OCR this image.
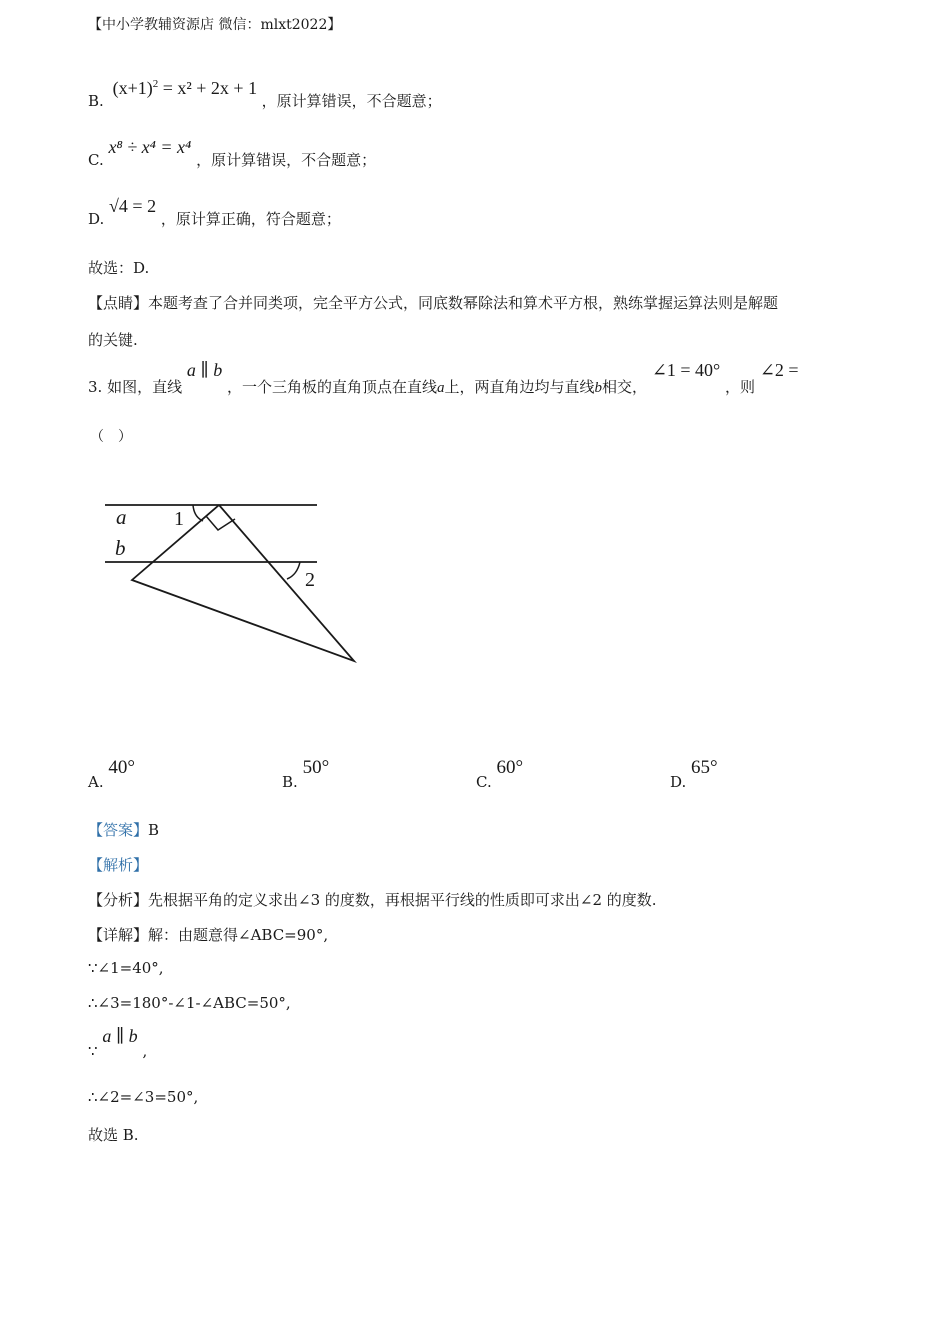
【中小学教辅资源店 微信：mlxt2022】
B. $(x+1)^2 = x^2 + 2x + 1$ ，原计算错误，不合题意；
C. x⁸ ÷ x⁴ = x⁴ ，原计算错误，不合题意；
D. √4 = 2 ，原计算正确，符合题意；
故选：D.
【点睛】本题考查了合并同类项，完全平方公式，同底数幂除法和算术平方根，熟练掌握运算法则是解题
的关键.
3. 如图，直线 a ∥ b ，一个三角板的直角顶点在直线a上，两直角边均与直线b相交， ∠1 = 40° ，则 ∠2 =
（　）
a
b
1
2
A. 40°
B. 50°
C. 60°
D. 65°
【答案】B
【解析】
【分析】先根据平角的定义求出∠3 的度数，再根据平行线的性质即可求出∠2 的度数.
【详解】解：由题意得∠ABC=90°,
∵∠1=40°,
∴∠3=180°-∠1-∠ABC=50°,
∵ a ∥ b ,
∴∠2=∠3=50°,
故选 B.
